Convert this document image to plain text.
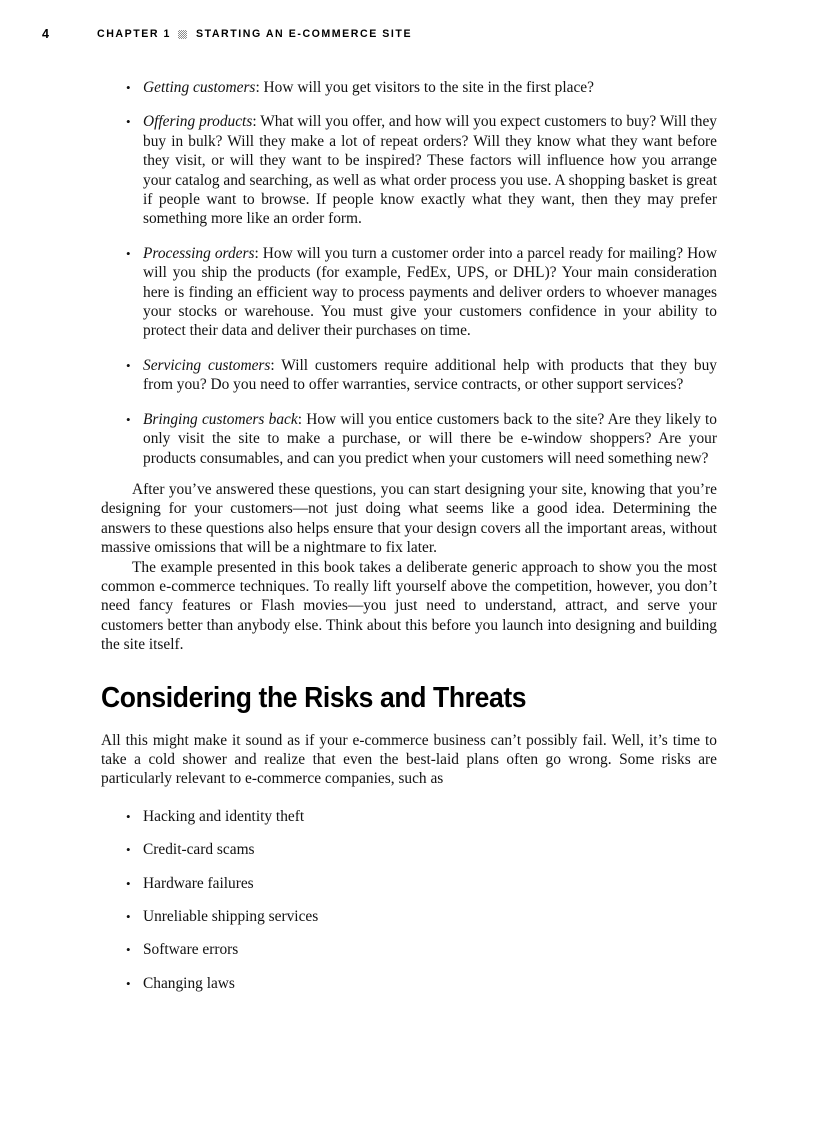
4	CHAPTER 1 STARTING AN E-COMMERCE SITE
• Getting customers: How will you get visitors to the site in the first place?
• Offering products: What will you offer, and how will you expect customers to buy? Will they buy in bulk? Will they make a lot of repeat orders? Will they know what they want before they visit, or will they want to be inspired? These factors will influence how you arrange your catalog and searching, as well as what order process you use. A shopping basket is great if people want to browse. If people know exactly what they want, then they may prefer something more like an order form.
• Processing orders: How will you turn a customer order into a parcel ready for mailing? How will you ship the products (for example, FedEx, UPS, or DHL)? Your main consideration here is finding an efficient way to process payments and deliver orders to whoever manages your stocks or warehouse. You must give your customers confidence in your ability to protect their data and deliver their purchases on time.
• Servicing customers: Will customers require additional help with products that they buy from you? Do you need to offer warranties, service contracts, or other support services?
• Bringing customers back: How will you entice customers back to the site? Are they likely to only visit the site to make a purchase, or will there be e-window shoppers? Are your products consumables, and can you predict when your customers will need something new?

After you’ve answered these questions, you can start designing your site, knowing that you’re designing for your customers—not just doing what seems like a good idea. Determining the answers to these questions also helps ensure that your design covers all the important areas, without massive omissions that will be a nightmare to fix later.

The example presented in this book takes a deliberate generic approach to show you the most common e-commerce techniques. To really lift yourself above the competition, however, you don’t need fancy features or Flash movies—you just need to understand, attract, and serve your customers better than anybody else. Think about this before you launch into designing and building the site itself.

Considering the Risks and Threats

All this might make it sound as if your e-commerce business can’t possibly fail. Well, it’s time to take a cold shower and realize that even the best-laid plans often go wrong. Some risks are particularly relevant to e-commerce companies, such as

• Hacking and identity theft
• Credit-card scams
• Hardware failures
• Unreliable shipping services
• Software errors
• Changing laws
